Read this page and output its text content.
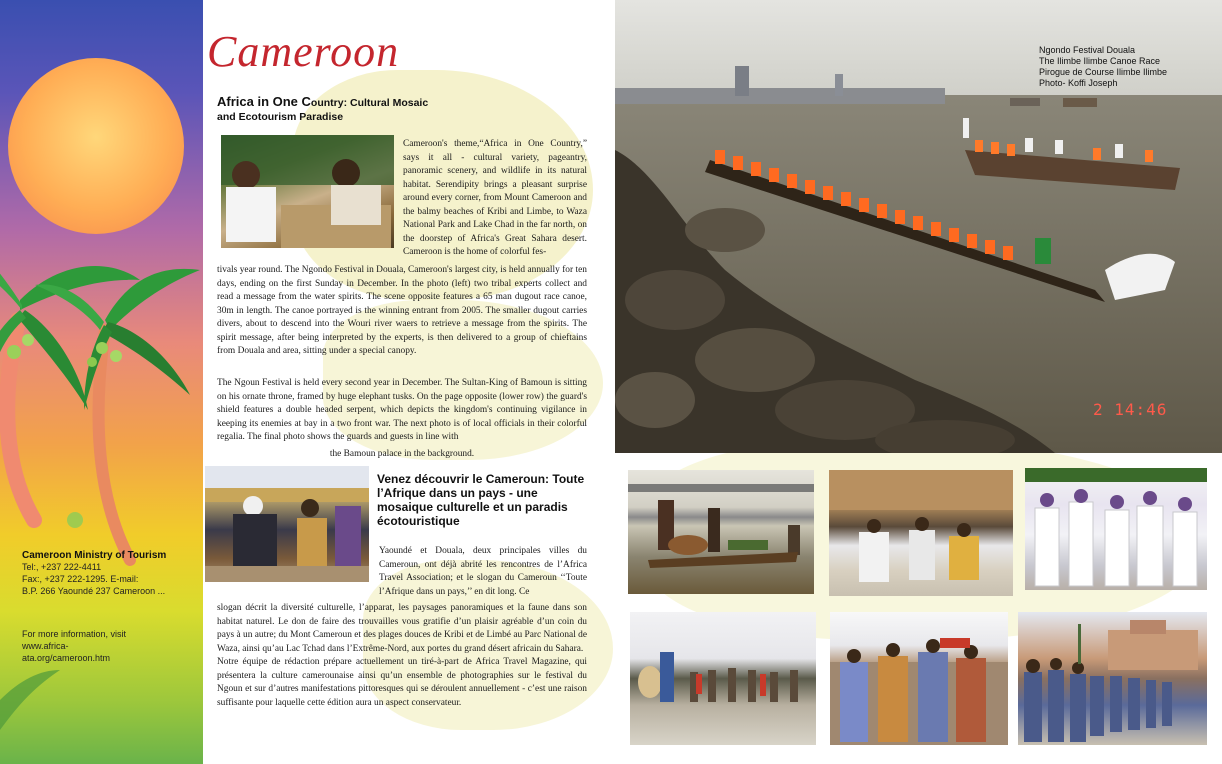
Cameroon Ministry of Tourism
Tel:, +237 222-4411
Fax:, +237 222-1295. E-mail:
B.P. 266 Yaoundé 237 Cameroon ...
For more information, visit www.africa-
ata.org/cameroon.htm
Cameroon
Africa in One Country: Cultural Mosaic
and Ecotourism Paradise
Cameroon's theme,“Africa in One Country,” says it all - cultural variety, pageantry, panoramic scenery, and wildlife in its natural habitat. Serendipity brings a pleasant surprise around every corner, from Mount Cameroon and the balmy beaches of Kribi and Limbe, to Waza National Park and Lake Chad in the far north, on the doorstep of Africa's Great Sahara desert. Cameroon is the home of colorful fes-
tivals year round. The Ngondo Festival in Douala, Cameroon's largest city, is held annually for ten days, ending on the first Sunday in December. In the photo (left) two tribal experts collect and read a message from the water spirits. The scene opposite features a 65 man dugout race canoe, 30m in length. The canoe portrayed is the winning entrant from 2005. The smaller dugout carries divers, about to descend into the Wouri river waers to retrieve a message from the spirits. The spirit message, after being interpreted by the experts, is then delivered to a group of chieftains from Douala and area, sitting under a special canopy.
The Ngoun Festival is held every second year in December. The Sultan-King of Bamoun is sitting on his ornate throne, framed by huge elephant tusks. On the page opposite (lower row) the guard's shield features a double headed serpent, which depicts the kingdom's continuing vigilance in keeping its enemies at bay in a two front war. The next photo is of local officials in their colorful regalia. The final photo shows the guards and guests in line with
the Bamoun palace in the background.
Venez découvrir le Cameroun: Toute l’Afrique dans un pays - une mosaique culturelle et un paradis écotouristique
Yaoundé et Douala, deux principales villes du Cameroun, ont déjà abrité les rencontres de l’Africa Travel Association; et le slogan du Cameroun ‘‘Toute l’Afrique dans un pays,’’ en dit long. Ce
slogan décrit la diversité culturelle, l’apparat, les paysages panoramiques et la faune dans son habitat naturel. Le don de faire des trouvailles vous gratifie d’un plaisir agréable d’un coin du pays à un autre; du Mont Cameroun et des plages douces de Kribi et de Limbé au Parc National de Waza, ainsi qu’au Lac Tchad dans l’Extrême-Nord, aux portes du grand désert africain du Sahara.
Notre équipe de rédaction prépare actuellement un tiré-à-part de Africa Travel Magazine, qui présentera la culture camerounaise ainsi qu’un ensemble de photographies sur le festival du Ngoun et sur d’autres manifestations pittoresques qui se déroulent annuellement - c’est une raison suffisante pour laquelle cette édition aura un aspect conservateur.
Ngondo Festival Douala
The Ilimbe Ilimbe Canoe Race
Pirogue de Course Ilimbe Ilimbe
Photo- Koffi Joseph
2 14:46
